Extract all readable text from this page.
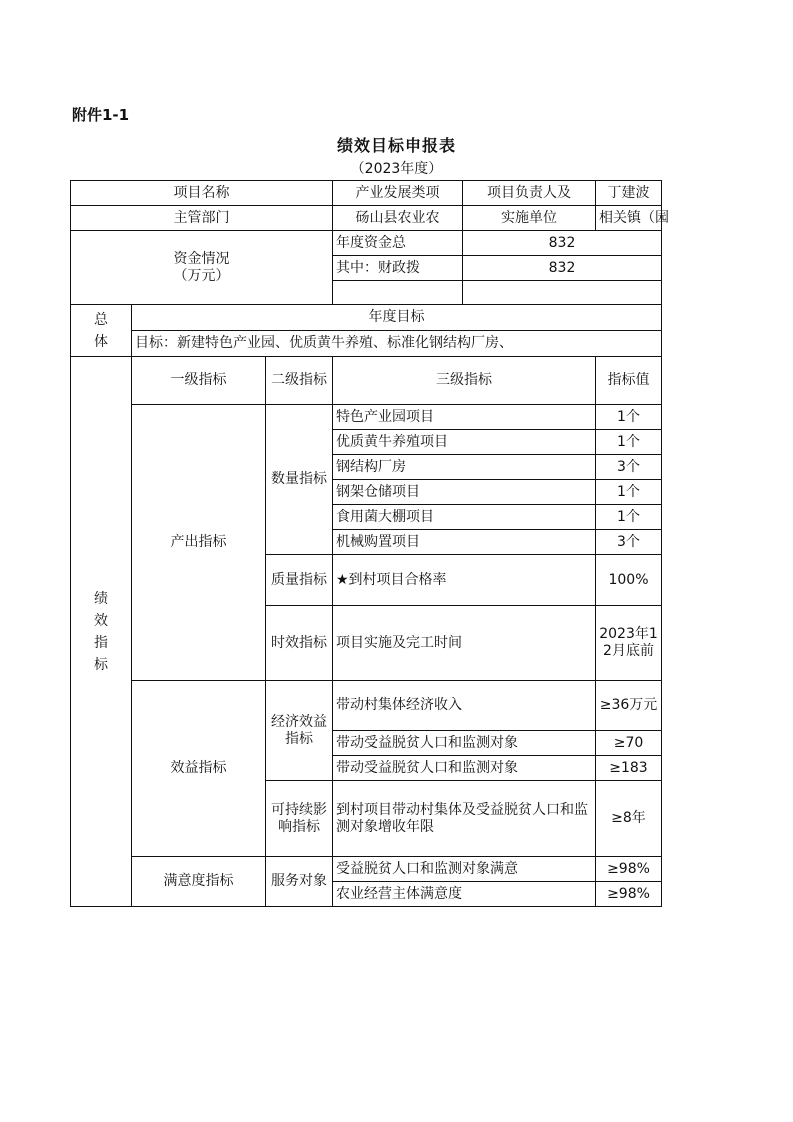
附件1-1
绩效目标申报表
（2023年度）
项目名称			产业发展类项	项目负责人及	丁建波
主管部门			砀山县农业农	实施单位	相关镇（园

资金情况
（万元）			年度资金总	832	
			其中：财政拨	832	

总体	年度目标				
	目标：新建特色产业园、优质黄牛养殖、标准化钢结构厂房、				
绩效指标	一级指标	二级指标	三级指标		指标值
	产出指标	数量指标	特色产业园项目		1个
			优质黄牛养殖项目		1个
			钢结构厂房		3个
			钢架仓储项目		1个
			食用菌大棚项目		1个
			机械购置项目		3个
		质量指标	★到村项目合格率		100%
		时效指标	项目实施及完工时间		2023年12月底前
	效益指标	经济效益指标	带动村集体经济收入		≥36万元
			带动受益脱贫人口和监测对象		≥70
			带动受益脱贫人口和监测对象		≥183
		可持续影响指标	到村项目带动村集体及受益脱贫人口和监测对象增收年限		≥8年
	满意度指标	服务对象	受益脱贫人口和监测对象满意		≥98%
			农业经营主体满意度		≥98%
